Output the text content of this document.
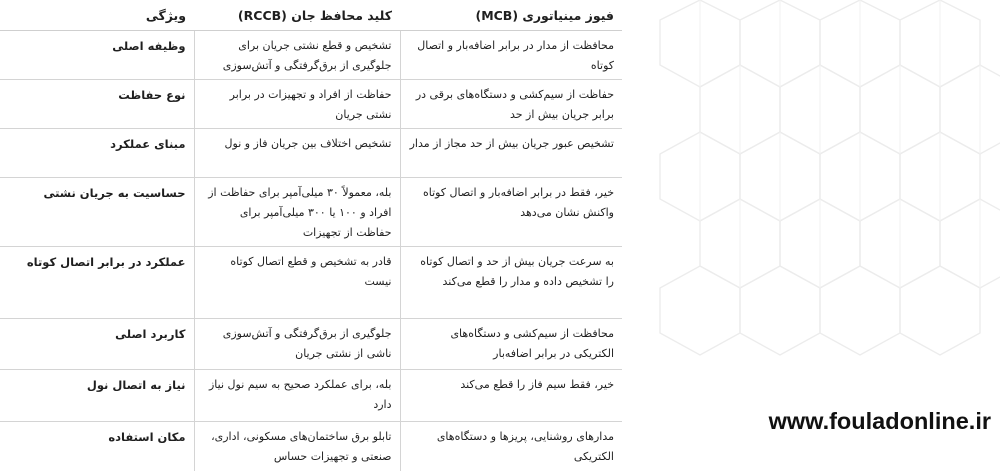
فیوز مینیاتوری (MCB)	کلید محافظ جان (RCCB)	ویژگی
محافظت از مدار در برابر اضافه‌بار و اتصال کوتاه	تشخیص و قطع نشتی جریان برای جلوگیری از برق‌گرفتگی و آتش‌سوزی	وظیفه اصلی
حفاظت از سیم‌کشی و دستگاه‌های برقی در برابر جریان بیش از حد	حفاظت از افراد و تجهیزات در برابر نشتی جریان	نوع حفاظت
تشخیص عبور جریان بیش از حد مجاز از مدار	تشخیص اختلاف بین جریان فاز و نول	مبنای عملکرد
خیر، فقط در برابر اضافه‌بار و اتصال کوتاه واکنش نشان می‌دهد	بله، معمولاً ۳۰ میلی‌آمپر برای حفاظت از افراد و ۱۰۰ یا ۳۰۰ میلی‌آمپر برای حفاظت از تجهیزات	حساسیت به جریان نشتی
به سرعت جریان بیش از حد و اتصال کوتاه را تشخیص داده و مدار را قطع می‌کند	قادر به تشخیص و قطع اتصال کوتاه نیست	عملکرد در برابر اتصال کوتاه
محافظت از سیم‌کشی و دستگاه‌های الکتریکی در برابر اضافه‌بار	جلوگیری از برق‌گرفتگی و آتش‌سوزی ناشی از نشتی جریان	کاربرد اصلی
خیر، فقط سیم فاز را قطع می‌کند	بله، برای عملکرد صحیح به سیم نول نیاز دارد	نیاز به اتصال نول
مدارهای روشنایی، پریزها و دستگاه‌های الکتریکی	تابلو برق ساختمان‌های مسکونی، اداری، صنعتی و تجهیزات حساس	مکان استفاده
www.fouladonline.ir
